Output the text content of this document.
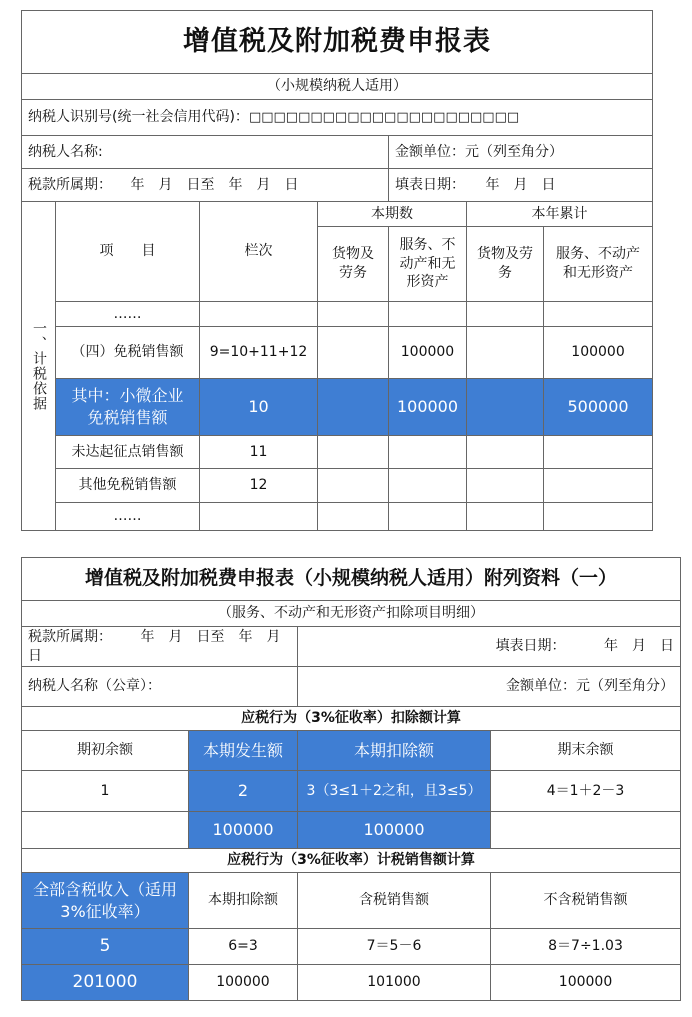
增值税及附加税费申报表						
（小规模纳税人适用）						
纳税人识别号(统一社会信用代码)：□□□□□□□□□□□□□□□□□□□□□□						
纳税人名称:				金额单位：元（列至角分）		
税款所属期： 年　月　日至　年　月　日				填表日期： 年　月　日		
一、计税依据	项　　目	栏次	本期数		本年累计	
			货物及劳务	服务、不动产和无形资产	货物及劳务	服务、不动产和无形资产
	……					
	（四）免税销售额	9=10+11+12		100000		100000
	其中：小微企业免税销售额	10		100000		500000
	未达起征点销售额	11				
	其他免税销售额	12				
	……					
增值税及附加税费申报表（小规模纳税人适用）附列资料（一）			
（服务、不动产和无形资产扣除项目明细）			
税款所属期： 年　月　日至　年　月　日		填表日期： 年　月　日	
纳税人名称（公章）：		金额单位：元（列至角分）	
应税行为（3%征收率）扣除额计算			
期初余额	本期发生额	本期扣除额	期末余额
1	2	3（3≤1＋2之和，且3≤5）	4＝1＋2－3
	100000	100000	
应税行为（3%征收率）计税销售额计算			
全部含税收入（适用3%征收率）	本期扣除额	含税销售额	不含税销售额
5	6=3	7＝5－6	8＝7÷1.03
201000	100000	101000	100000
